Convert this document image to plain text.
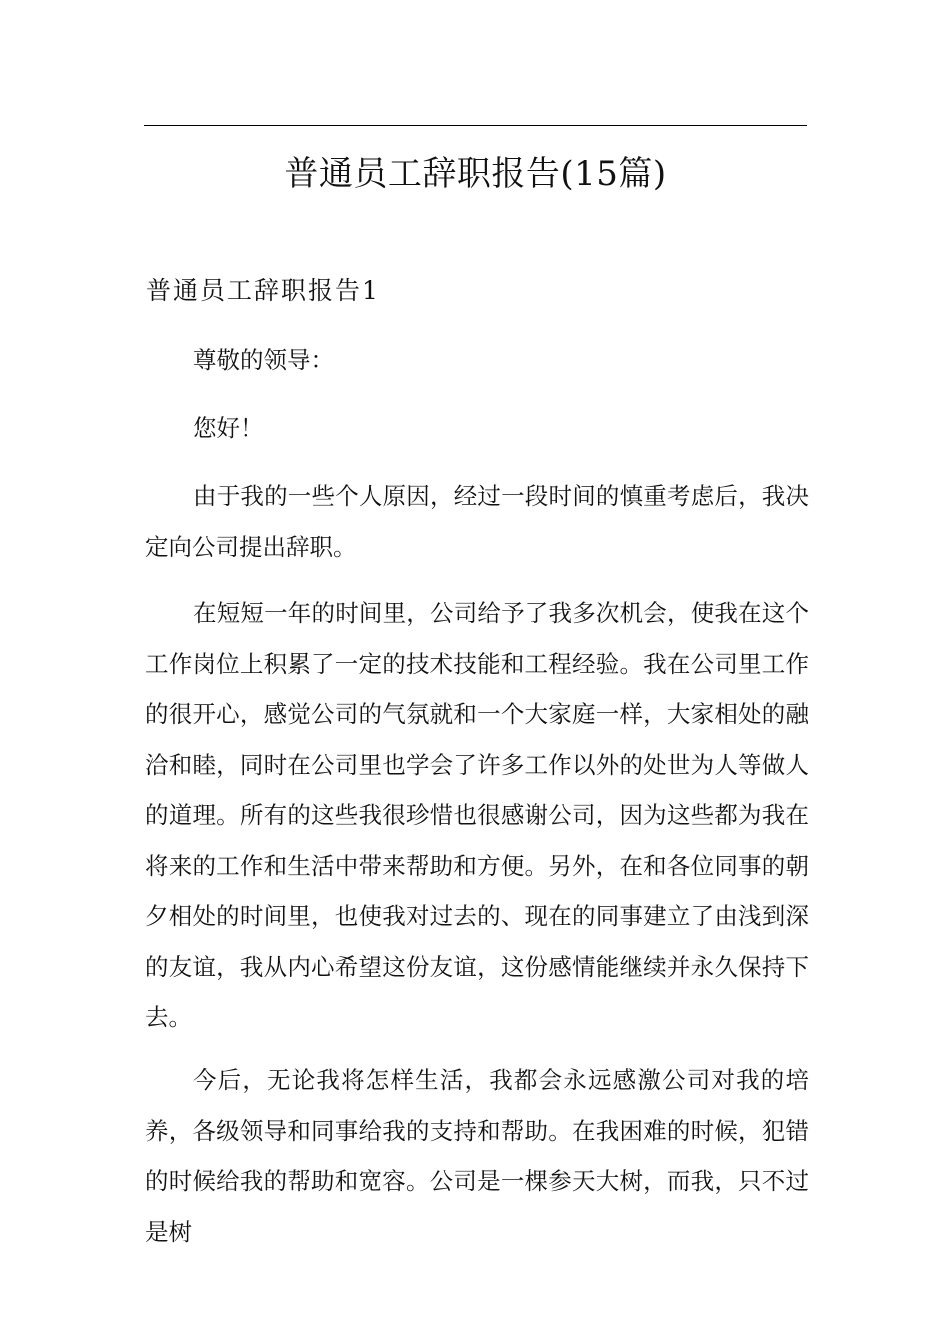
普通员工辞职报告(15篇)
普通员工辞职报告1

尊敬的领导：

您好！

由于我的一些个人原因，经过一段时间的慎重考虑后，我决定向公司提出辞职。

在短短一年的时间里，公司给予了我多次机会，使我在这个工作岗位上积累了一定的技术技能和工程经验。我在公司里工作的很开心，感觉公司的气氛就和一个大家庭一样，大家相处的融洽和睦，同时在公司里也学会了许多工作以外的处世为人等做人的道理。所有的这些我很珍惜也很感谢公司，因为这些都为我在将来的工作和生活中带来帮助和方便。另外，在和各位同事的朝夕相处的时间里，也使我对过去的、现在的同事建立了由浅到深的友谊，我从内心希望这份友谊，这份感情能继续并永久保持下去。

今后，无论我将怎样生活，我都会永远感激公司对我的培养，各级领导和同事给我的支持和帮助。在我困难的时候，犯错的时候给我的帮助和宽容。公司是一棵参天大树，而我，只不过是树
